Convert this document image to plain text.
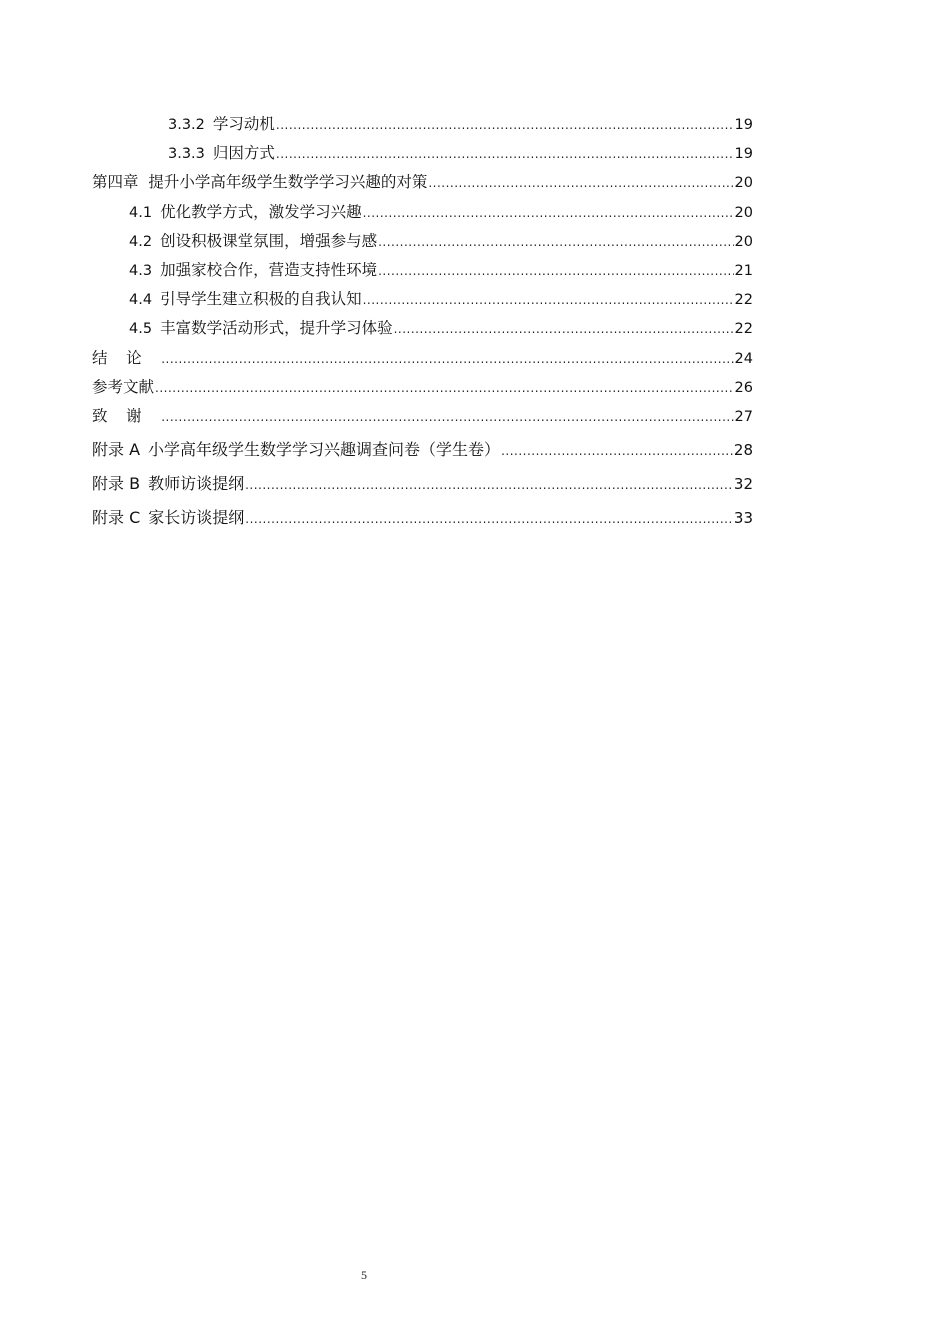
3.3.2 学习动机 .....	19
3.3.3 归因方式 .....	19
第四章  提升小学高年级学生数学学习兴趣的对策 .....	20
4.1 优化教学方式，激发学习兴趣 .....	20
4.2 创设积极课堂氛围，增强参与感 .....	20
4.3 加强家校合作，营造支持性环境 .....	21
4.4 引导学生建立积极的自我认知 .....	22
4.5 丰富数学活动形式，提升学习体验 .....	22
结论 .....	24
参考文献 .....	26
致谢 .....	27
附录 A 小学高年级学生数学学习兴趣调查问卷（学生卷） .....	28
附录 B 教师访谈提纲 .....	32
附录 C 家长访谈提纲 .....	33
5
